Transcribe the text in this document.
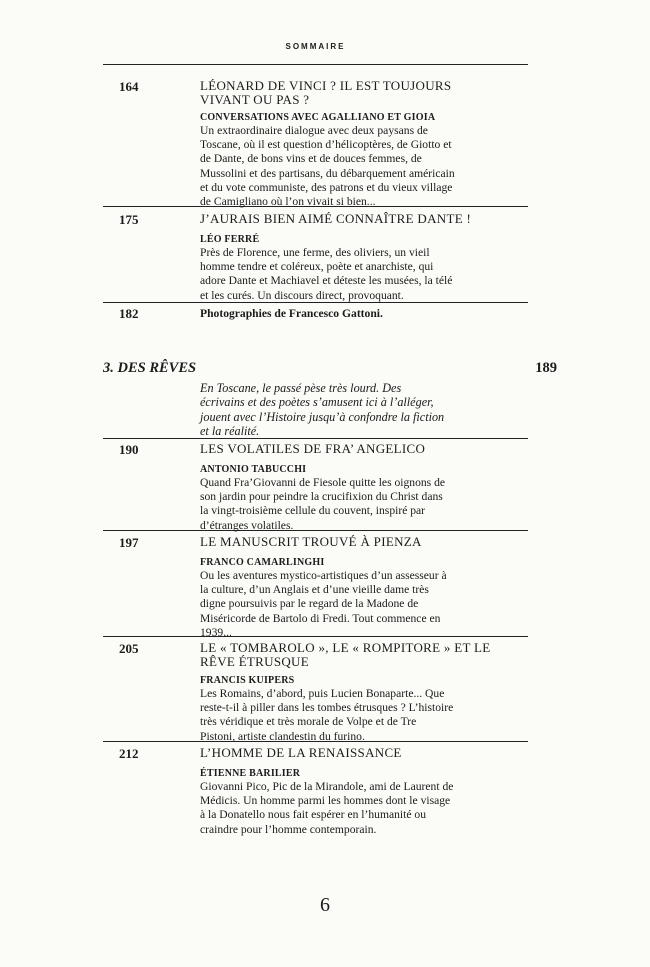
SOMMAIRE
164	LÉONARD DE VINCI ? IL EST TOUJOURS
VIVANT OU PAS ?
CONVERSATIONS AVEC AGALLIANO ET GIOIA
Un extraordinaire dialogue avec deux paysans de
Toscane, où il est question d’hélicoptères, de Giotto et
de Dante, de bons vins et de douces femmes, de
Mussolini et des partisans, du débarquement américain
et du vote communiste, des patrons et du vieux village
de Camigliano où l’on vivait si bien...
175	J’AURAIS BIEN AIMÉ CONNAÎTRE DANTE !
LÉO FERRÉ
Près de Florence, une ferme, des oliviers, un vieil
homme tendre et coléreux, poète et anarchiste, qui
adore Dante et Machiavel et déteste les musées, la télé
et les curés. Un discours direct, provoquant.
182	Photographies de Francesco Gattoni.
3. DES RÊVES	189
En Toscane, le passé pèse très lourd. Des
écrivains et des poètes s’amusent ici à l’alléger,
jouent avec l’Histoire jusqu’à confondre la fiction
et la réalité.
190	LES VOLATILES DE FRA’ ANGELICO
ANTONIO TABUCCHI
Quand Fra’Giovanni de Fiesole quitte les oignons de
son jardin pour peindre la crucifixion du Christ dans
la vingt-troisième cellule du couvent, inspiré par
d’étranges volatiles.
197	LE MANUSCRIT TROUVÉ À PIENZA
FRANCO CAMARLINGHI
Ou les aventures mystico-artistiques d’un assesseur à
la culture, d’un Anglais et d’une vieille dame très
digne poursuivis par le regard de la Madone de
Miséricorde de Bartolo di Fredi. Tout commence en
1939...
205	LE « TOMBAROLO », LE « ROMPITORE » ET LE
RÊVE ÉTRUSQUE
FRANCIS KUIPERS
Les Romains, d’abord, puis Lucien Bonaparte... Que
reste-t-il à piller dans les tombes étrusques ? L’histoire
très véridique et très morale de Volpe et de Tre
Pistoni, artiste clandestin du furino.
212	L’HOMME DE LA RENAISSANCE
ÉTIENNE BARILIER
Giovanni Pico, Pic de la Mirandole, ami de Laurent de
Médicis. Un homme parmi les hommes dont le visage
à la Donatello nous fait espérer en l’humanité ou
craindre pour l’homme contemporain.
6
